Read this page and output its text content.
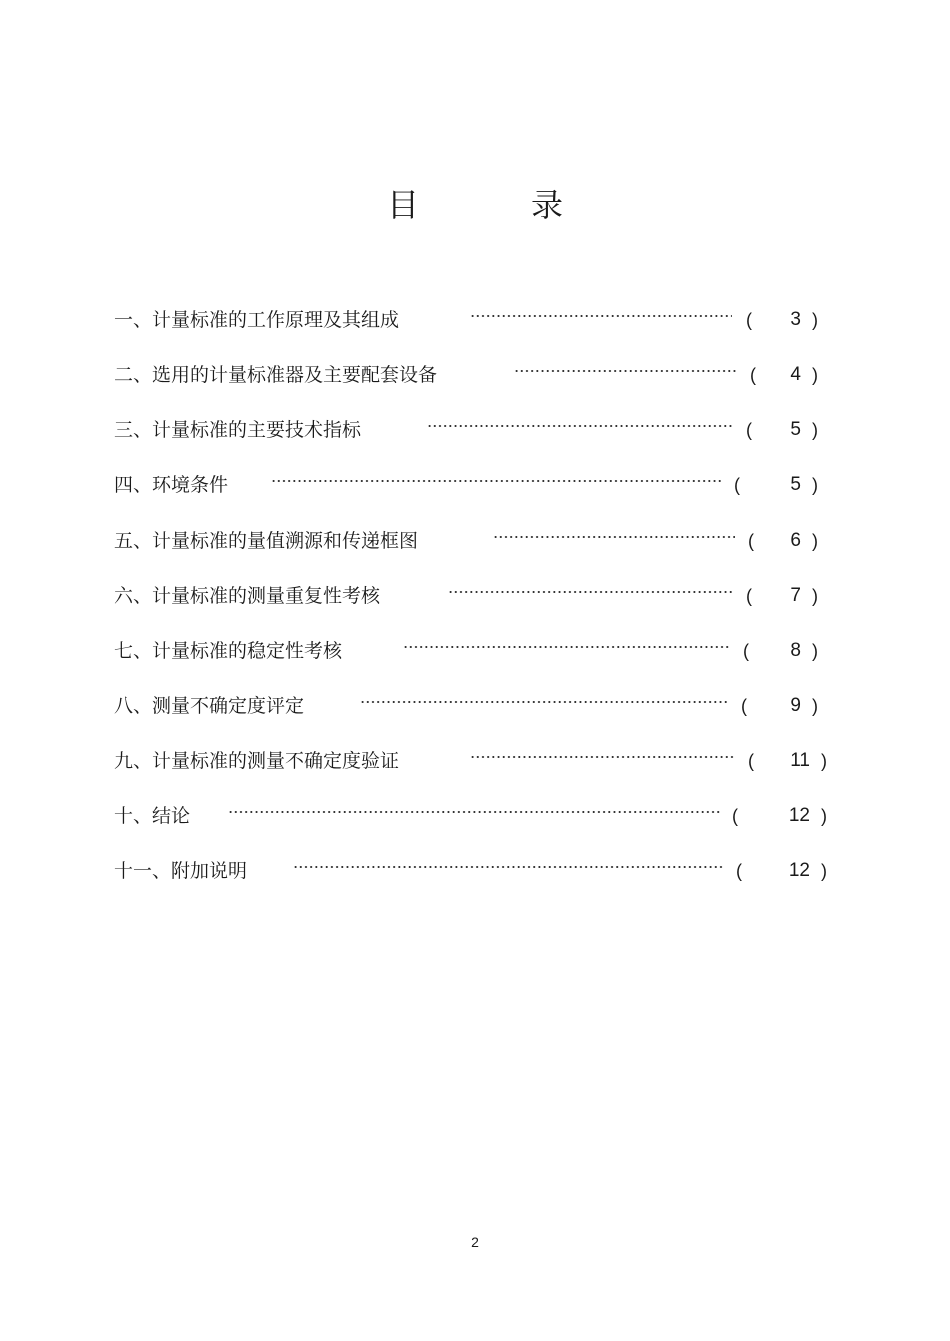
目	录
一、计量标准的工作原理及其组成	(	3 )
二、选用的计量标准器及主要配套设备	(	4 )
三、计量标准的主要技术指标	(	5 )
四、环境条件	(	5 )
五、计量标准的量值溯源和传递框图	(	6 )
六、计量标准的测量重复性考核	(	7 )
七、计量标准的稳定性考核	(	8 )
八、测量不确定度评定	(	9 )
九、计量标准的测量不确定度验证	(	11 )
十、结论	(	12 )
十一、附加说明	(	12 )
2
